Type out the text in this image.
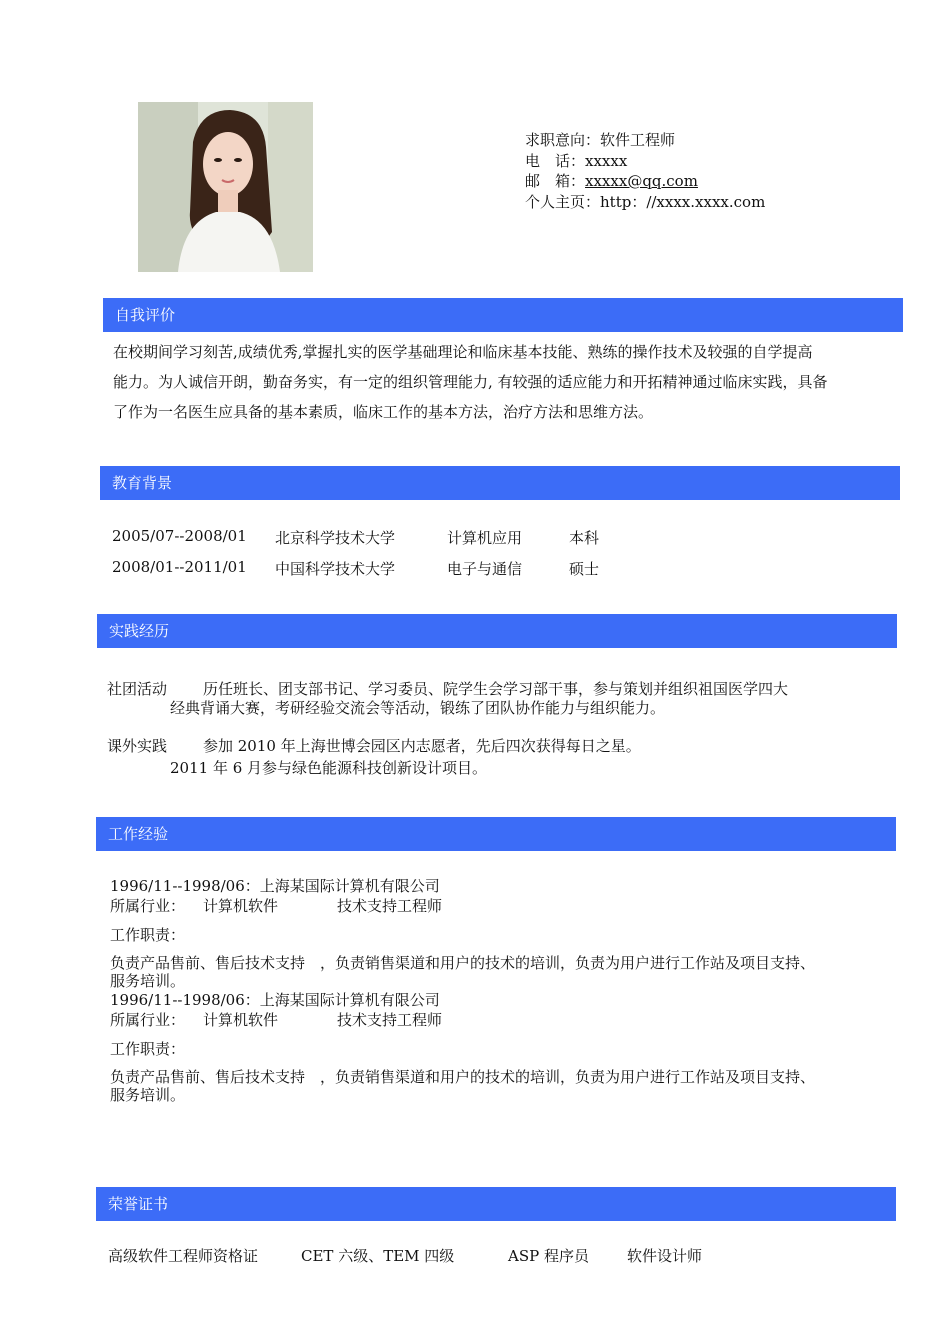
求职意向：软件工程师
电　话：xxxxx
邮　箱：xxxxx@qq.com
个人主页：http：//xxxx.xxxx.com
自我评价
在校期间学习刻苦,成绩优秀,掌握扎实的医学基础理论和临床基本技能、熟练的操作技术及较强的自学提高
能力。为人诚信开朗，勤奋务实，有一定的组织管理能力, 有较强的适应能力和开拓精神通过临床实践，具备
了作为一名医生应具备的基本素质，临床工作的基本方法，治疗方法和思维方法。
教育背景
2005/07--2008/01 北京科学技术大学	计算机应用	本科
2008/01--2011/01 中国科学技术大学	电子与通信	硕士
实践经历
社团活动 历任班长、团支部书记、学习委员、院学生会学习部干事，参与策划并组织祖国医学四大
经典背诵大赛，考研经验交流会等活动，锻练了团队协作能力与组织能力。
课外实践 参加 2010 年上海世博会园区内志愿者，先后四次获得每日之星。
2011 年 6 月参与绿色能源科技创新设计项目。
工作经验
1996/11--1998/06：上海某国际计算机有限公司
所属行业： 计算机软件	技术支持工程师
工作职责：
负责产品售前、售后技术支持　，负责销售渠道和用户的技术的培训，负责为用户进行工作站及项目支持、
服务培训。
1996/11--1998/06：上海某国际计算机有限公司
所属行业： 计算机软件	技术支持工程师
工作职责：
负责产品售前、售后技术支持　，负责销售渠道和用户的技术的培训，负责为用户进行工作站及项目支持、
服务培训。
荣誉证书
高级软件工程师资格证	CET 六级、TEM 四级	ASP 程序员	软件设计师
